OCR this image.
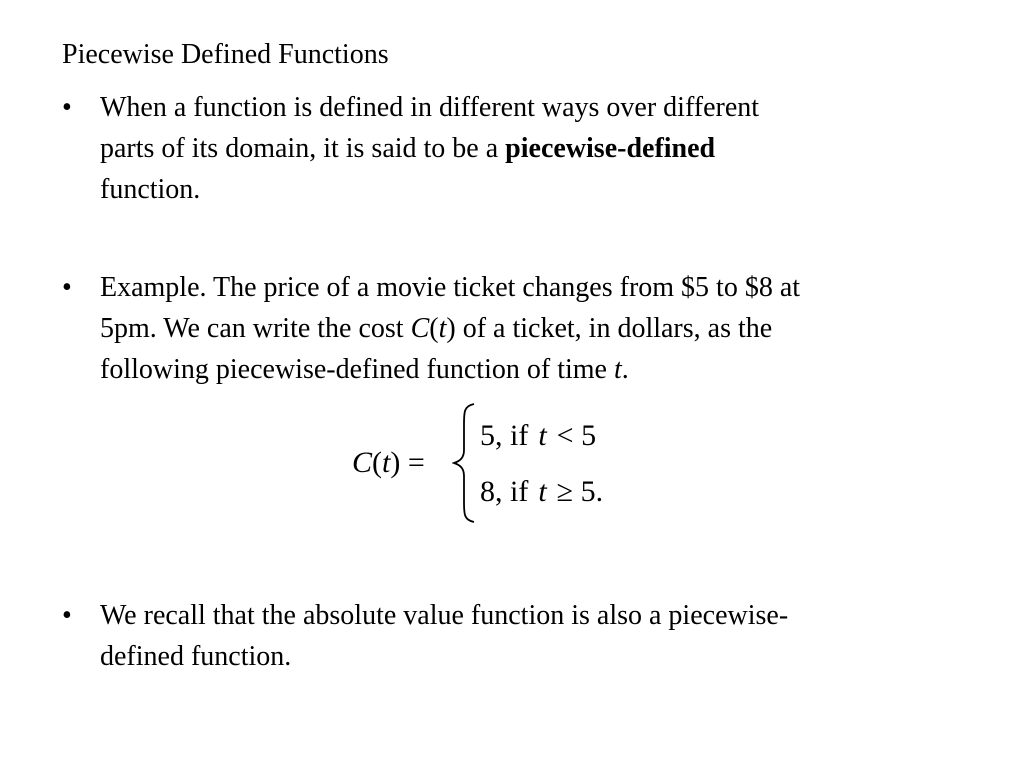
Piecewise Defined Functions
•	When a function is defined in different ways over different
parts of its domain, it is said to be a piecewise-defined
function.
•	Example. The price of a movie ticket changes from $5 to $8 at
5pm. We can write the cost C(t) of a ticket, in dollars, as the
following piecewise-defined function of time t.
C(t) =
5, if t < 5
8, if t ≥ 5.
•	We recall that the absolute value function is also a piecewise-
defined function.
